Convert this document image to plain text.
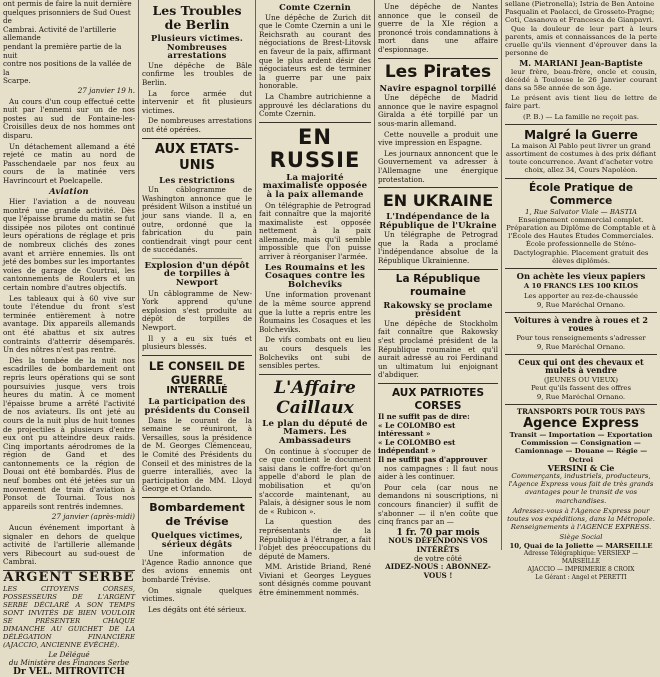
ont permis de faire la nuit dernière
quelques prisonniers de Sud Ouest de
Cambrai. Activité de l'artillerie allemande
pendant la première partie de la nuit
contre nos positions de la vallée de la
Scarpe.
27 janvier 19 h.

Au cours d'un coup effectué cette nuit par l'ennemi sur un de nos postes au sud de Fontaine-les-Croisilles deux de nos hommes ont disparu.

Un détachement allemand a été rejeté ce matin au nord de Passchendaele par nos feux au cours de la matinée vers Havrincourt et Poelcapelle.

Aviation

Hier l'aviation a de nouveau montré une grande activité. Dès que l'épaisse brume du matin se fut dissipée nos pilotes ont continué leurs opérations de réglage et pris de nombreux clichés des zones avant et arrière ennemies. Ils ont jeté des bombes sur les importantes voies de garage de Courtrai, les cantonnements de Roulers et un certain nombre d'autres objectifs.

Les tableaux qui à 60 vive sur toute l'étendue du front s'est terminée entièrement à notre avantage. Dix appareils allemands ont été abattus et six autres contraints d'atterrir désemparés. Un des nôtres n'est pas rentré.

Dès la tombée de la nuit nos escadrilles de bombardement ont repris leurs opérations qui se sont poursuivies jusque vers trois heures du matin. À ce moment l'épaisse brume a arrêté l'activité de nos aviateurs. Ils ont jeté au cours de la nuit plus de huit tonnes de projectiles à plusieurs d'entre eux ont pu atteindre deux raids. Cinq importants aérodromes de la région de Gand et des cantonnements ce la région de Douai ont été bombardés. Plus de neuf bombes ont été jetées sur un mouvement de train d'aviation à Ponsot de Tournai. Tous nos appareils sont rentrés indemnes.

27 janvier (après-midi)

Aucun événement important à signaler en dehors de quelque activité de l'artillerie allemande vers Ribecourt au sud-ouest de Cambrai.

ARGENT SERBE

LES CITOYENS CORSES, POSSESSEURS DE L'ARGENT SERBE DÉCLARÉ A SON TEMPS SONT INVITÉS DE BIEN VOULOIR SE PRÉSENTER CHAQUE DIMANCHE AU GUICHET DE LA DÉLÉGATION FINANCIÈRE (AJACCIO, ANCIENNE ÉVÊCHÉ).

Le Délégué
du Ministère des Finances Serbe
Dr VEL. MITROVITCH
Les Troubles de Berlin
Plusieurs victimes. Nombreuses arrestations

Une dépêche de Bâle confirme les troubles de Berlin.

La force armée dut intervenir et fit plusieurs victimes.

De nombreuses arrestations ont été opérées.

AUX ETATS-UNIS
Les restrictions

Un câblogramme de Washington annonce que le président Wilson a institué un jour sans viande. Il a, en outre, ordonné que la fabrication du pain contiendrait vingt pour cent de succédanés.

Explosion d'un dépôt de torpilles à Newport

Un câblogramme de New-York apprend qu'une explosion s'est produite au dépôt de torpilles de Newport.

Il y a eu six tués et plusieurs blessés.

LE CONSEIL DE GUERRE
INTERALLIÉ
La participation des présidents du Conseil

Dans le courant de la semaine se réuniront, à Versailles, sous la présidence de M. Georges Clémenceau, le Comité des Présidents du Conseil et des ministres de la guerre interalliés, avec la participation de MM. Lloyd George et Orlando.

Bombardement de Trévise
Quelques victimes, sérieux dégâts

Une information de l'Agence Radio annonce que des avions ennemis ont bombardé Trévise.

On signale quelques victimes.

Les dégâts ont été sérieux.

Comte Czernin

Une dépêche de Zurich dit que le Comte Czernin a uni le Reichsrath au courant des négociations de Brest-Litovsk en faveur de la paix, affirmant que le plus ardent désir des négociateurs est de terminer la guerre par une paix honorable.

La Chambre autrichienne a approuvé les déclarations du Comte Czernin.

EN RUSSIE
La majorité maximaliste opposée à la paix allemande

On télégraphie de Petrograd fait connaître que la majorité maximaliste est opposée nettement à la paix allemande, mais qu'il semble impossible que l'on puisse arriver à réorganiser l'armée.

Les Roumains et les Cosaques contre les Bolcheviks

Une information provenant de la même source apprend que la lutte a repris entre les Roumains les Cosaques et les Bolcheviks.

De vifs combats ont eu lieu au cours desquels les Bolcheviks ont subi de sensibles pertes.

L'Affaire Caillaux
Le plan du député de Mamers. Les Ambassadeurs

On continue à s'occuper de ce que contient le document saisi dans le coffre-fort qu'on appelle d'abord le plan de mobilisation et qu'on s'accorde maintenant, au Palais, à désigner sous le nom de « Rubicon ».

La question des représentants de la République à l'étranger, a fait l'objet des préoccupations du député de Mamers.

MM. Aristide Briand, René Viviani et Georges Leygues sont désignés comme pouvant être éminemment nommés.

Une dépêche de Nantes annonce que le conseil de guerre de la XIe région a prononcé trois condamnations à mort dans une affaire d'espionnage.

Les Pirates
Navire espagnol torpillé

Une dépêche de Madrid annonce que le navire espagnol Giralda a été torpillé par un sous-marin allemand.

Cette nouvelle a produit une vive impression en Espagne.

Les journaux annoncent que le Gouvernement va adresser à l'Allemagne une énergique protestation.

EN UKRAINE
L'Indépendance de la République de l'Ukraine

Un télégraphe de Petrograd que la Rada a proclamé l'indépendance absolue de la République Ukrainienne.

La République roumaine
Rakowsky se proclame président

Une dépêche de Stockholm fait connaître que Rakowsky s'est proclamé président de la République roumaine et qu'il aurait adressé au roi Ferdinand un ultimatum lui enjoignant d'abdiquer.

AUX PATRIOTES CORSES
Il ne suffit pas de dire:
« Le COLOMBO est intéressant »
« Le COLOMBO est indépendant »
Il ne suffit pas d'approuver

nos campagnes : Il faut nous aider à les continuer.

Pour cela (car nous ne demandons ni souscriptions, ni concours financier) il suffit de s'abonner — il n'en coûte que cinq francs par an —

1 fr. 70 par mois
NOUS DÉFENDONS VOS INTÉRÊTS
de votre côté
AIDEZ-NOUS : ABONNEZ-VOUS !
sellane (Pietronella); Istria de Ben Antoine
Pasqualin et Paolacci, de Grosseto-Pragne; Coti, Casanova et Francesca de Gianpavri.

Que la douleur de leur part à leurs parents, amis et connaissances de la perte cruelle qu'ils viennent d'éprouver dans la personne de

M. MARIANI Jean-Baptiste

leur frère, beau-frère, oncle et cousin, décédé à Toulouse le 26 Janvier courant dans sa 58e année de son âge.

Le présent avis tient lieu de lettre de faire part.

(P. B.) — La famille ne reçoit pas.
Malgré la Guerre

La maison Al Pablo peut livrer un grand assortiment de costumes à des prix défiant toute concurrence. Avant d'acheter votre choix, allez 34, Cours Napoléon.

École Pratique de Commerce
1, Rue Salvator Viale — BASTIA

Enseignement commercial complet. Préparation au Diplôme de Comptable et à l'École des Hautes Études Commerciales. École professionnelle de Sténo-Dactylographie. Placement gratuit des élèves diplômés.

On achète les vieux papiers
A 10 FRANCS LES 100 KILOS
Les apporter au rez-de-chaussée
9, Rue Maréchal Ornano.
Voitures à vendre à roues et 2 roues
Pour tous renseignements s'adresser
9, Rue Maréchal Ornano.
Ceux qui ont des chevaux et mulets à vendre
(JEUNES OU VIEUX)
Peut qu'ils fassent des offres
9, Rue Maréchal Ornano.
TRANSPORTS POUR TOUS PAYS
Agence Express
Transit — Importation — Exportation
Commission — Consignation — Camionnage — Douane — Régie — Octroi
VERSINI & Cie

Commerçants, industriels, producteurs, l'Agence Express vous fait de très grands avantages pour le transit de vos marchandises.

Adressez-vous à l'Agence Express pour toutes vos expéditions, dans la Métropole. Renseignements à l'AGENCE EXPRESS.

Siège Social
10, Quai de la Joliette — MARSEILLE
Adresse Télégraphique: VERSIEXP — MARSEILLE
AJACCIO — IMPRIMERIE 8 CROIX
Le Gérant : Angel et PERETTI
